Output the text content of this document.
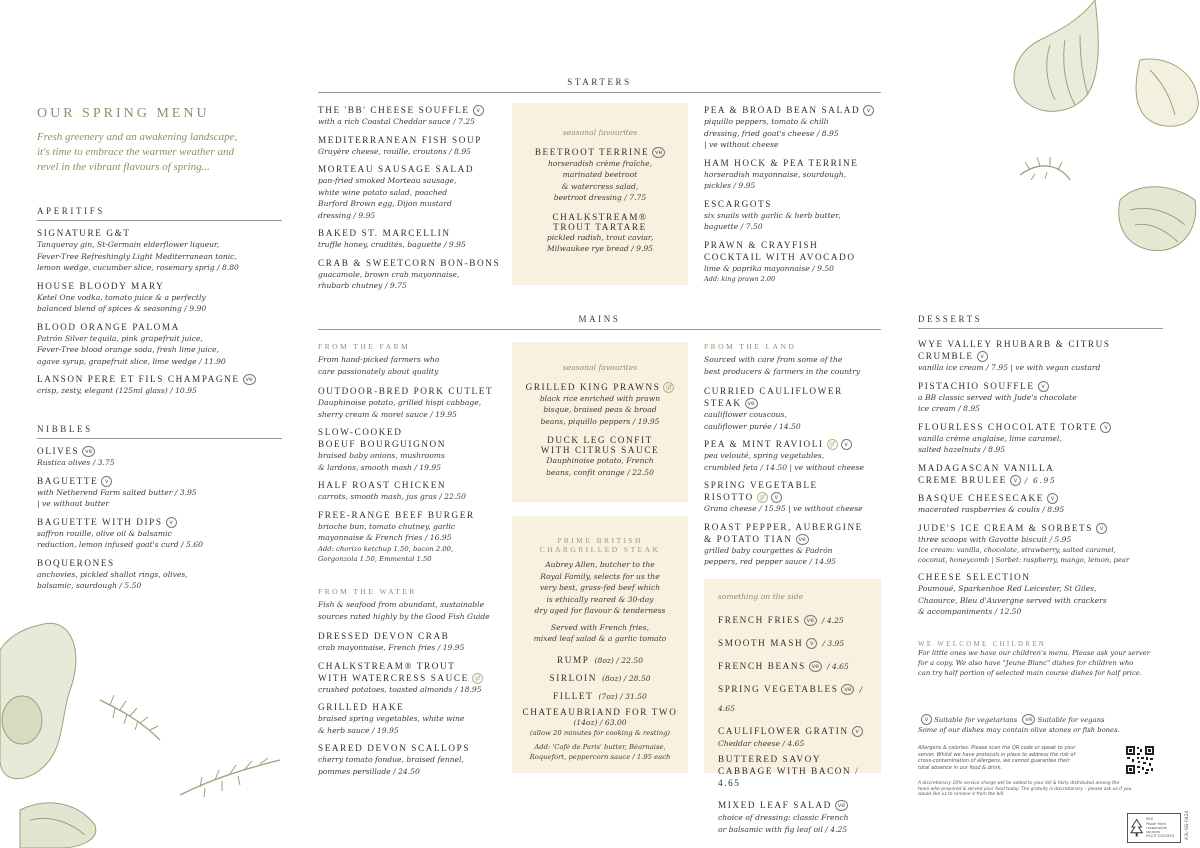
OUR SPRING MENU
Fresh greenery and an awakening landscape,
it's time to embrace the warmer weather and
revel in the vibrant flavours of spring...
APERITIFS
SIGNATURE G&T
Tanqueray gin, St-Germain elderflower liqueur,
Fever-Tree Refreshingly Light Mediterranean tonic,
lemon wedge, cucumber slice, rosemary sprig / 8.80
HOUSE BLOODY MARY
Ketel One vodka, tomato juice & a perfectly
balanced blend of spices & seasoning / 9.90
BLOOD ORANGE PALOMA
Patrón Silver tequila, pink grapefruit juice,
Fever-Tree blood orange soda, fresh lime juice,
agave syrup, grapefruit slice, lime wedge / 11.90
LANSON PERE ET FILS CHAMPAGNE ve
crisp, zesty, elegant (125ml glass) / 10.95
NIBBLES
OLIVES ve
Rustica olives / 3.75
BAGUETTE v
with Netherend Farm salted butter / 3.95
| ve without butter
BAGUETTE WITH DIPS v
saffron rouille, olive oil & balsamic
reduction, lemon infused goat's curd / 5.60
BOQUERONES
anchovies, pickled shallot rings, olives,
balsamic, sourdough / 5.50
STARTERS
THE 'BB' CHEESE SOUFFLE v
with a rich Coastal Cheddar sauce / 7.25
MEDITERRANEAN FISH SOUP
Gruyère cheese, rouille, croutons / 8.95
MORTEAU SAUSAGE SALAD
pan-fried smoked Morteau sausage,
white wine potato salad, poached
Burford Brown egg, Dijon mustard
dressing / 9.95
BAKED ST. MARCELLIN
truffle honey, crudités, baguette / 9.95
CRAB & SWEETCORN BON-BONS
guacamole, brown crab mayonnaise,
rhubarb chutney / 9.75
seasonal favourites
BEETROOT TERRINE ve
horseradish crème fraîche,
marinated beetroot
& watercress salad,
beetroot dressing / 7.75
CHALKSTREAM®
TROUT TARTARE
pickled radish, trout caviar,
Milwaukee rye bread / 9.95
PEA & BROAD BEAN SALAD v
piquillo peppers, tomato & chilli
dressing, fried goat's cheese / 8.95
| ve without cheese
HAM HOCK & PEA TERRINE
horseradish mayonnaise, sourdough,
pickles / 9.95
ESCARGOTS
six snails with garlic & herb butter,
baguette / 7.50
PRAWN & CRAYFISH
COCKTAIL WITH AVOCADO
lime & paprika mayonnaise / 9.50
Add: king prawn 2.00
MAINS
FROM THE FARM
From hand-picked farmers who
care passionately about quality
OUTDOOR-BRED PORK CUTLET
Dauphinoise potato, grilled hispi cabbage,
sherry cream & morel sauce / 19.95
SLOW-COOKED
BOEUF BOURGUIGNON
braised baby onions, mushrooms
& lardons, smooth mash / 19.95
HALF ROAST CHICKEN
carrots, smooth mash, jus gras / 22.50
FREE-RANGE BEEF BURGER
brioche bun, tomato chutney, garlic
mayonnaise & French fries / 16.95
Add: chorizo ketchup 1.50, bacon 2.00,
Gorgonzola 1.50, Emmental 1.50
FROM THE WATER
Fish & seafood from abundant, sustainable
sources rated highly by the Good Fish Guide
DRESSED DEVON CRAB
crab mayonnaise, French fries / 19.95
CHALKSTREAM® TROUT
WITH WATERCRESS SAUCE gf
crushed potatoes, toasted almonds / 18.95
GRILLED HAKE
braised spring vegetables, white wine
& herb sauce / 19.95
SEARED DEVON SCALLOPS
cherry tomato fondue, braised fennel,
pommes persillade / 24.50
seasonal favourites
GRILLED KING PRAWNS gf
black rice enriched with prawn
bisque, braised peas & broad
beans, piquillo peppers / 19.95
DUCK LEG CONFIT
WITH CITRUS SAUCE
Dauphinoise potato, French
beans, confit orange / 22.50
PRIME BRITISH
CHARGRILLED STEAK
Aubrey Allen, butcher to the
Royal Family, selects for us the
very best, grass-fed beef which
is ethically reared & 30-day
dry aged for flavour & tenderness
Served with French fries,
mixed leaf salad & a garlic tomato
RUMP (8oz) / 22.50
SIRLOIN (8oz) / 28.50
FILLET (7oz) / 31.50
CHATEAUBRIAND FOR TWO
(14oz) / 63.00
(allow 20 minutes for cooking & resting)
Add: 'Café de Paris' butter, Béarnaise,
Roquefort, peppercorn sauce / 1.95 each
FROM THE LAND
Sourced with care from some of the
best producers & farmers in the country
CURRIED CAULIFLOWER STEAK ve
cauliflower couscous,
cauliflower purée / 14.50
PEA & MINT RAVIOLI gf v
pea velouté, spring vegetables,
crumbled feta / 14.50 | ve without cheese
SPRING VEGETABLE
RISOTTO gf v
Grana cheese / 15.95 | ve without cheese
ROAST PEPPER, AUBERGINE
& POTATO TIAN ve
grilled baby courgettes & Padrón
peppers, red pepper sauce / 14.95
something on the side
FRENCH FRIES ve / 4.25
SMOOTH MASH v / 3.95
FRENCH BEANS ve / 4.65
SPRING VEGETABLES ve / 4.65
CAULIFLOWER GRATIN v
Cheddar cheese / 4.65
BUTTERED SAVOY
CABBAGE WITH BACON / 4.65
MIXED LEAF SALAD ve
choice of dressing: classic French
or balsamic with fig leaf oil / 4.25
DESSERTS
WYE VALLEY RHUBARB & CITRUS
CRUMBLE v
vanilla ice cream / 7.95 | ve with vegan custard
PISTACHIO SOUFFLE v
a BB classic served with Jude's chocolate
ice cream / 8.95
FLOURLESS CHOCOLATE TORTE v
vanilla crème anglaise, lime caramel,
salted hazelnuts / 8.95
MADAGASCAN VANILLA
CREME BRULEE v / 6.95
BASQUE CHEESECAKE v
macerated raspberries & coulis / 8.95
JUDE'S ICE CREAM & SORBETS v
three scoops with Gavotte biscuit / 5.95
Ice cream: vanilla, chocolate, strawberry, salted caramel,
coconut, honeycomb | Sorbet: raspberry, mango, lemon, pear
CHEESE SELECTION
Poumoué, Sparkenhoe Red Leicester, St Giles,
Chaource, Bleu d'Auvergne served with crackers
& accompaniments / 12.50
WE WELCOME CHILDREN
For little ones we have our children's menu. Please ask your server
for a copy. We also have "Jeune Blanc" dishes for children who
can try half portion of selected main course dishes for half price.
v Suitable for vegetarians ve Suitable for vegans
Some of our dishes may contain olive stones or fish bones.
Allergens & calories: Please scan the QR code or speak to your
server. Whilst we have protocols in place to address the risk of
cross-contamination of allergens, we cannot guarantee their
total absence in our food & drink.
A discretionary 10% service charge will be added to your bill & fairly distributed among the
team who prepared & served your food today. The gratuity is discretionary – please ask us if you
would like us to remove it from the bill.
A3L-SG-0424
MIX
Paper from
responsible sources
FSC® C021953
